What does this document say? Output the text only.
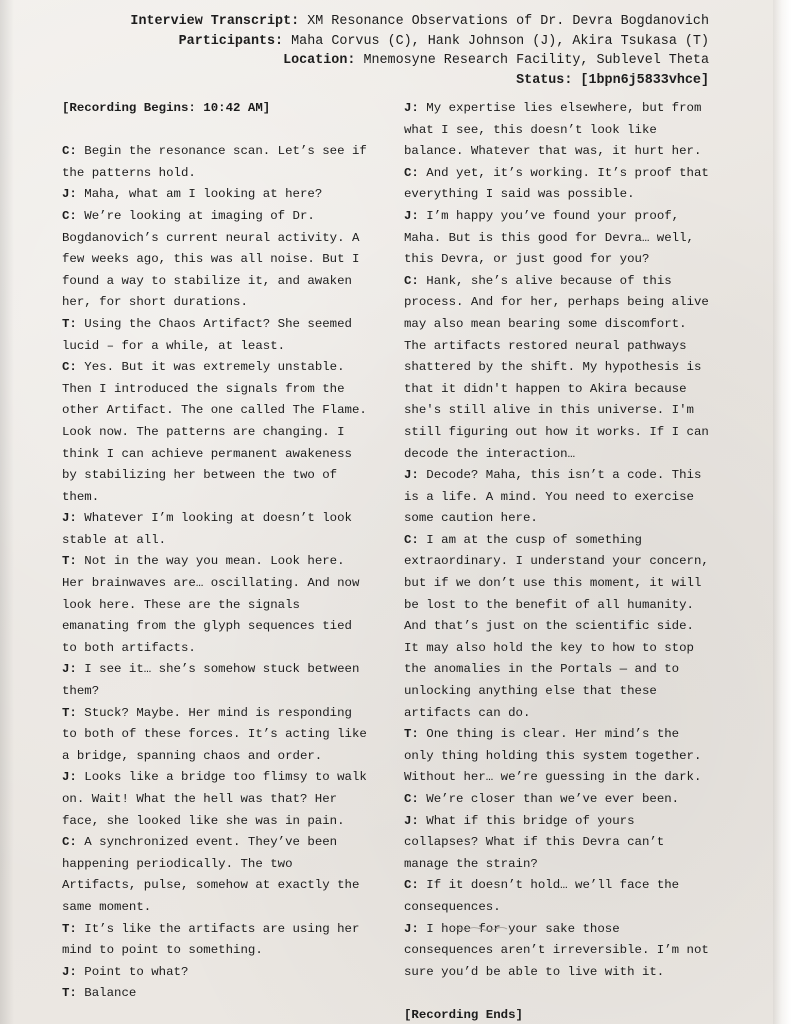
Interview Transcript: XM Resonance Observations of Dr. Devra Bogdanovich
Participants: Maha Corvus (C), Hank Johnson (J), Akira Tsukasa (T)
Location: Mnemosyne Research Facility, Sublevel Theta
Status: [1bpn6j5833vhce]
[Recording Begins: 10:42 AM]
C: Begin the resonance scan. Let’s see if
the patterns hold.
J: Maha, what am I looking at here?
C: We’re looking at imaging of Dr.
Bogdanovich’s current neural activity. A
few weeks ago, this was all noise. But I
found a way to stabilize it, and awaken
her, for short durations.
T: Using the Chaos Artifact? She seemed
lucid – for a while, at least.
C: Yes. But it was extremely unstable.
Then I introduced the signals from the
other Artifact. The one called The Flame.
Look now. The patterns are changing. I
think I can achieve permanent awakeness
by stabilizing her between the two of
them.
J: Whatever I’m looking at doesn’t look
stable at all.
T: Not in the way you mean. Look here.
Her brainwaves are… oscillating. And now
look here. These are the signals
emanating from the glyph sequences tied
to both artifacts.
J: I see it… she’s somehow stuck between
them?
T: Stuck? Maybe. Her mind is responding
to both of these forces. It’s acting like
a bridge, spanning chaos and order.
J: Looks like a bridge too flimsy to walk
on. Wait! What the hell was that? Her
face, she looked like she was in pain.
C: A synchronized event. They’ve been
happening periodically. The two
Artifacts, pulse, somehow at exactly the
same moment.
T: It’s like the artifacts are using her
mind to point to something.
J: Point to what?
T: Balance
J: My expertise lies elsewhere, but from
what I see, this doesn’t look like
balance. Whatever that was, it hurt her.
C: And yet, it’s working. It’s proof that
everything I said was possible.
J: I’m happy you’ve found your proof,
Maha. But is this good for Devra… well,
this Devra, or just good for you?
C: Hank, she’s alive because of this
process. And for her, perhaps being alive
may also mean bearing some discomfort.
The artifacts restored neural pathways
shattered by the shift. My hypothesis is
that it didn't happen to Akira because
she's still alive in this universe. I'm
still figuring out how it works. If I can
decode the interaction…
J: Decode? Maha, this isn’t a code. This
is a life. A mind. You need to exercise
some caution here.
C: I am at the cusp of something
extraordinary. I understand your concern,
but if we don’t use this moment, it will
be lost to the benefit of all humanity.
And that’s just on the scientific side.
It may also hold the key to how to stop
the anomalies in the Portals — and to
unlocking anything else that these
artifacts can do.
T: One thing is clear. Her mind’s the
only thing holding this system together.
Without her… we’re guessing in the dark.
C: We’re closer than we’ve ever been.
J: What if this bridge of yours
collapses? What if this Devra can’t
manage the strain?
C: If it doesn’t hold… we’ll face the
consequences.
J: I hope for your sake those
consequences aren’t irreversible. I’m not
sure you’d be able to live with it.
[Recording Ends]
